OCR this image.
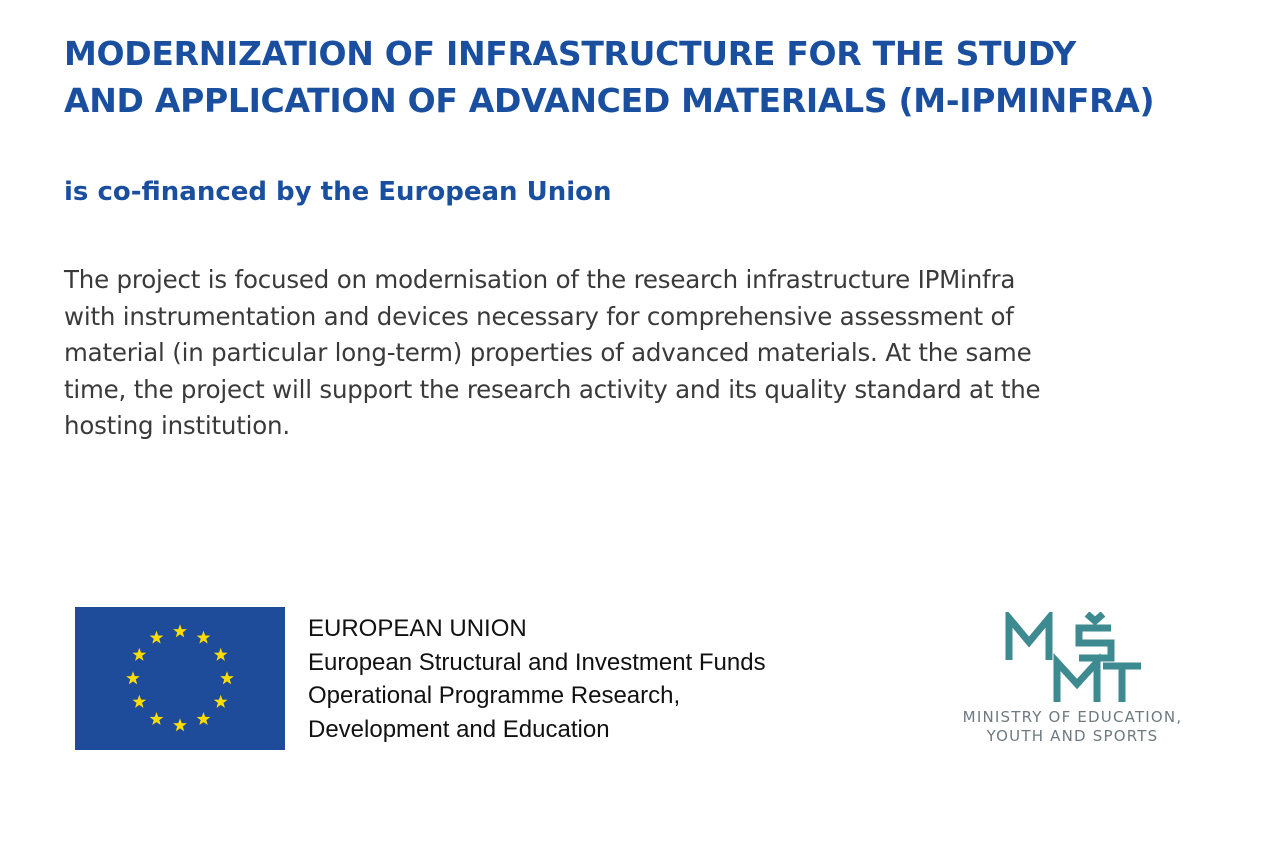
MODERNIZATION OF INFRASTRUCTURE FOR THE STUDY
AND APPLICATION OF ADVANCED MATERIALS (M-IPMINFRA)
is co-financed by the European Union

The project is focused on modernisation of the research infrastructure IPMinfra
with instrumentation and devices necessary for comprehensive assessment of
material (in particular long-term) properties of advanced materials. At the same
time, the project will support the research activity and its quality standard at the
hosting institution.

EUROPEAN UNION
European Structural and Investment Funds
Operational Programme Research,
Development and Education	MINISTRY OF EDUCATION,
YOUTH AND SPORTS
